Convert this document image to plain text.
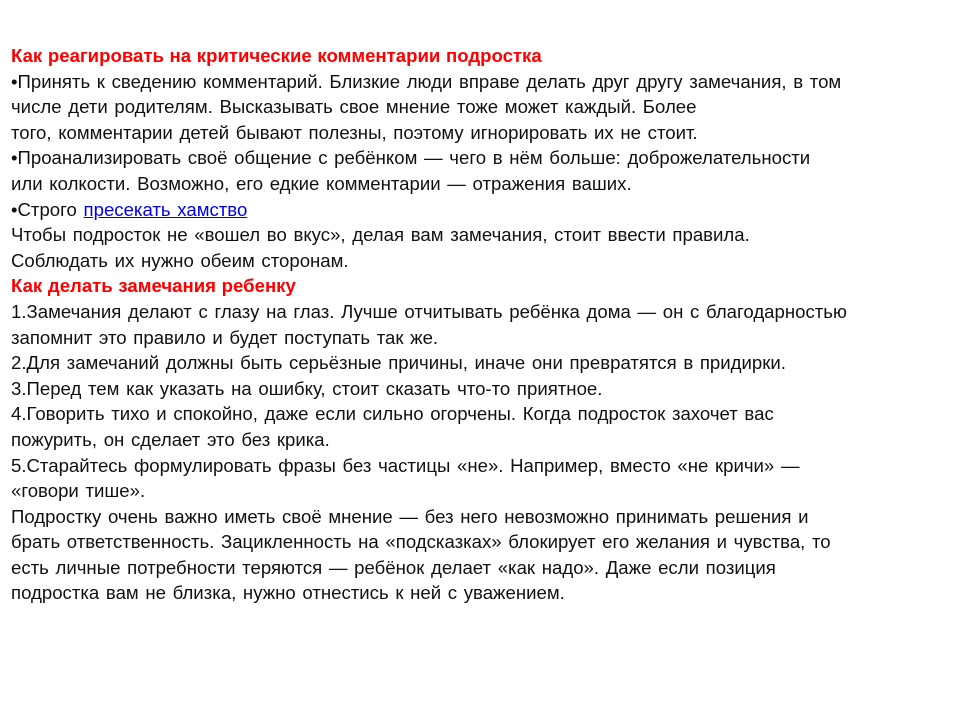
Как реагировать на критические комментарии подростка
•Принять к сведению комментарий. Близкие люди вправе делать друг другу замечания, в том
числе дети родителям. Высказывать свое мнение тоже может каждый. Более
того, комментарии детей бывают полезны, поэтому игнорировать их не стоит.
•Проанализировать своё общение с ребёнком — чего в нём больше: доброжелательности
или колкости. Возможно, его едкие комментарии — отражения ваших.
•Строго пресекать хамство
Чтобы подросток не «вошел во вкус», делая вам замечания, стоит ввести правила.
Соблюдать их нужно обеим сторонам.
Как делать замечания ребенку
1.Замечания делают с глазу на глаз. Лучше отчитывать ребёнка дома — он с благодарностью
запомнит это правило и будет поступать так же.
2.Для замечаний должны быть серьёзные причины, иначе они превратятся в придирки.
3.Перед тем как указать на ошибку, стоит сказать что-то приятное.
4.Говорить тихо и спокойно, даже если сильно огорчены. Когда подросток захочет вас
пожурить, он сделает это без крика.
5.Старайтесь формулировать фразы без частицы «не». Например, вместо «не кричи» —
«говори тише».
Подростку очень важно иметь своё мнение — без него невозможно принимать решения и
брать ответственность. Зацикленность на «подсказках» блокирует его желания и чувства, то
есть личные потребности теряются — ребёнок делает «как надо». Даже если позиция
подростка вам не близка, нужно отнестись к ней с уважением.
